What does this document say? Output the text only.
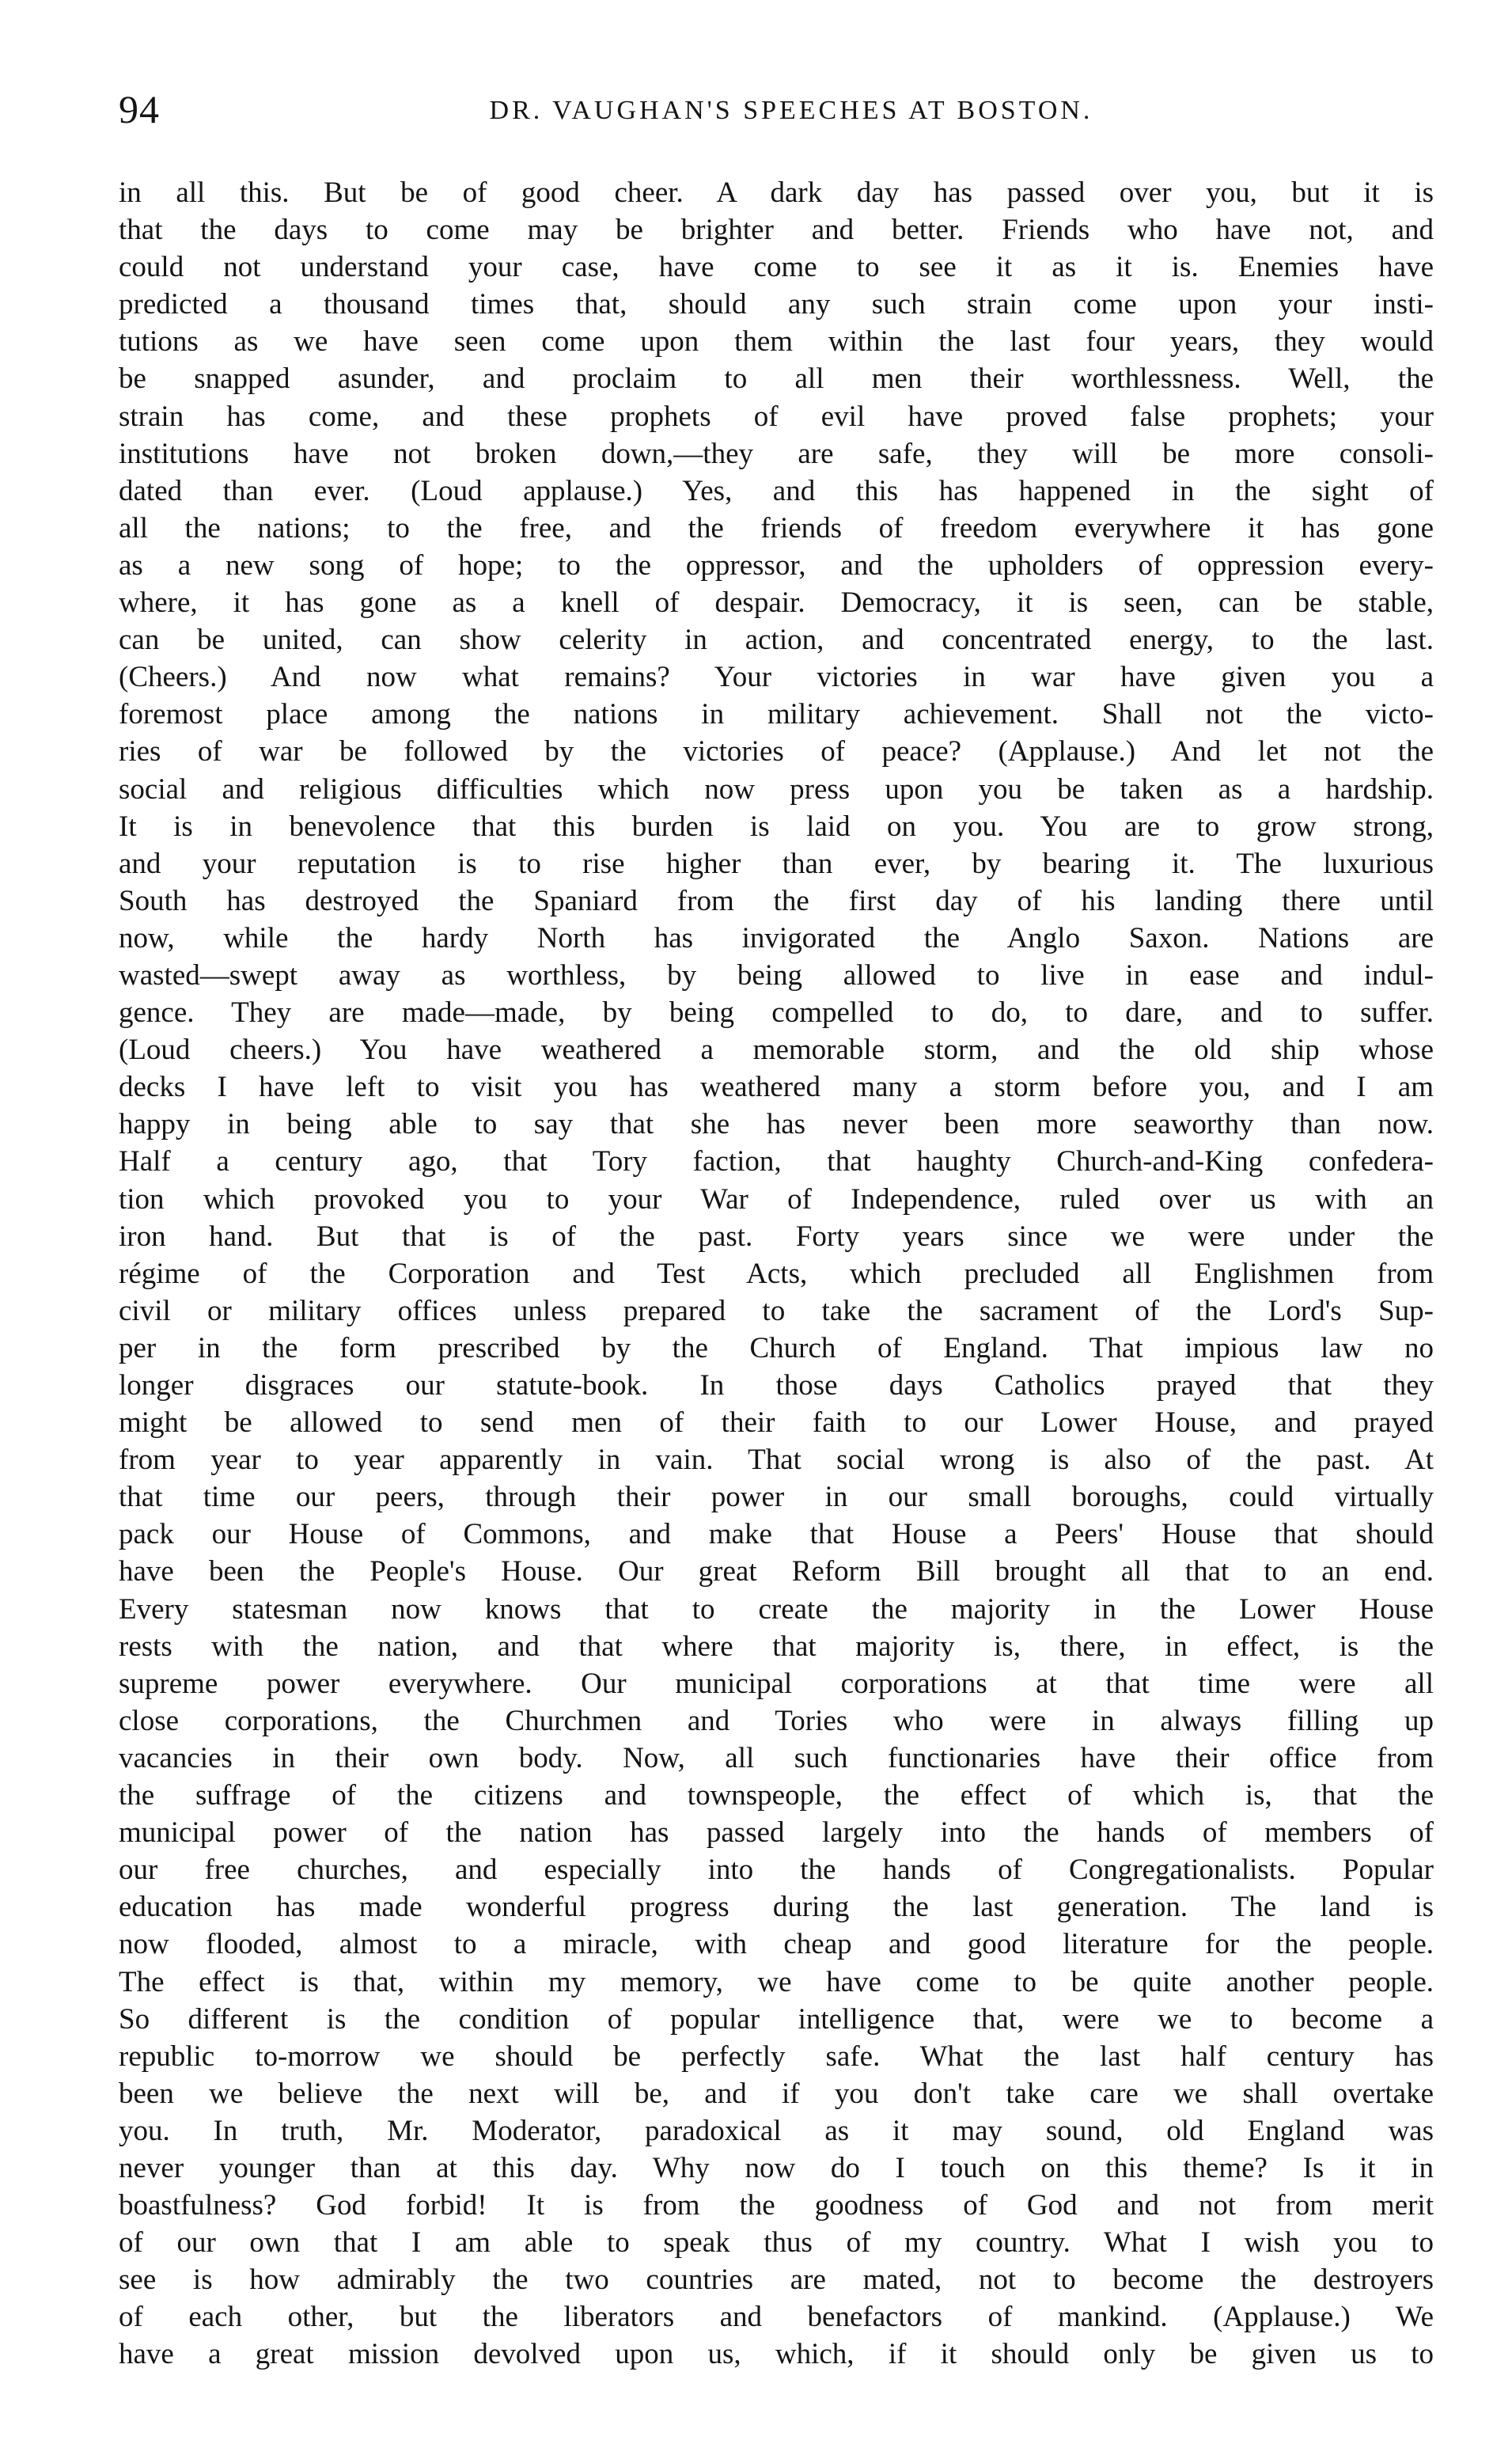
94	DR. VAUGHAN'S SPEECHES AT BOSTON.
in all this. But be of good cheer. A dark day has passed over you, but it is
that the days to come may be brighter and better. Friends who have not, and
could not understand your case, have come to see it as it is. Enemies have
predicted a thousand times that, should any such strain come upon your insti-
tutions as we have seen come upon them within the last four years, they would
be snapped asunder, and proclaim to all men their worthlessness. Well, the
strain has come, and these prophets of evil have proved false prophets; your
institutions have not broken down,—they are safe, they will be more consoli-
dated than ever. (Loud applause.) Yes, and this has happened in the sight of
all the nations; to the free, and the friends of freedom everywhere it has gone
as a new song of hope; to the oppressor, and the upholders of oppression every-
where, it has gone as a knell of despair. Democracy, it is seen, can be stable,
can be united, can show celerity in action, and concentrated energy, to the last.
(Cheers.) And now what remains? Your victories in war have given you a
foremost place among the nations in military achievement. Shall not the victo-
ries of war be followed by the victories of peace? (Applause.) And let not the
social and religious difficulties which now press upon you be taken as a hardship.
It is in benevolence that this burden is laid on you. You are to grow strong,
and your reputation is to rise higher than ever, by bearing it. The luxurious
South has destroyed the Spaniard from the first day of his landing there until
now, while the hardy North has invigorated the Anglo Saxon. Nations are
wasted—swept away as worthless, by being allowed to live in ease and indul-
gence. They are made—made, by being compelled to do, to dare, and to suffer.
(Loud cheers.) You have weathered a memorable storm, and the old ship whose
decks I have left to visit you has weathered many a storm before you, and I am
happy in being able to say that she has never been more seaworthy than now.
Half a century ago, that Tory faction, that haughty Church-and-King confedera-
tion which provoked you to your War of Independence, ruled over us with an
iron hand. But that is of the past. Forty years since we were under the
régime of the Corporation and Test Acts, which precluded all Englishmen from
civil or military offices unless prepared to take the sacrament of the Lord's Sup-
per in the form prescribed by the Church of England. That impious law no
longer disgraces our statute-book. In those days Catholics prayed that they
might be allowed to send men of their faith to our Lower House, and prayed
from year to year apparently in vain. That social wrong is also of the past. At
that time our peers, through their power in our small boroughs, could virtually
pack our House of Commons, and make that House a Peers' House that should
have been the People's House. Our great Reform Bill brought all that to an end.
Every statesman now knows that to create the majority in the Lower House
rests with the nation, and that where that majority is, there, in effect, is the
supreme power everywhere. Our municipal corporations at that time were all
close corporations, the Churchmen and Tories who were in always filling up
vacancies in their own body. Now, all such functionaries have their office from
the suffrage of the citizens and townspeople, the effect of which is, that the
municipal power of the nation has passed largely into the hands of members of
our free churches, and especially into the hands of Congregationalists. Popular
education has made wonderful progress during the last generation. The land is
now flooded, almost to a miracle, with cheap and good literature for the people.
The effect is that, within my memory, we have come to be quite another people.
So different is the condition of popular intelligence that, were we to become a
republic to-morrow we should be perfectly safe. What the last half century has
been we believe the next will be, and if you don't take care we shall overtake
you. In truth, Mr. Moderator, paradoxical as it may sound, old England was
never younger than at this day. Why now do I touch on this theme? Is it in
boastfulness? God forbid! It is from the goodness of God and not from merit
of our own that I am able to speak thus of my country. What I wish you to
see is how admirably the two countries are mated, not to become the destroyers
of each other, but the liberators and benefactors of mankind. (Applause.) We
have a great mission devolved upon us, which, if it should only be given us to
